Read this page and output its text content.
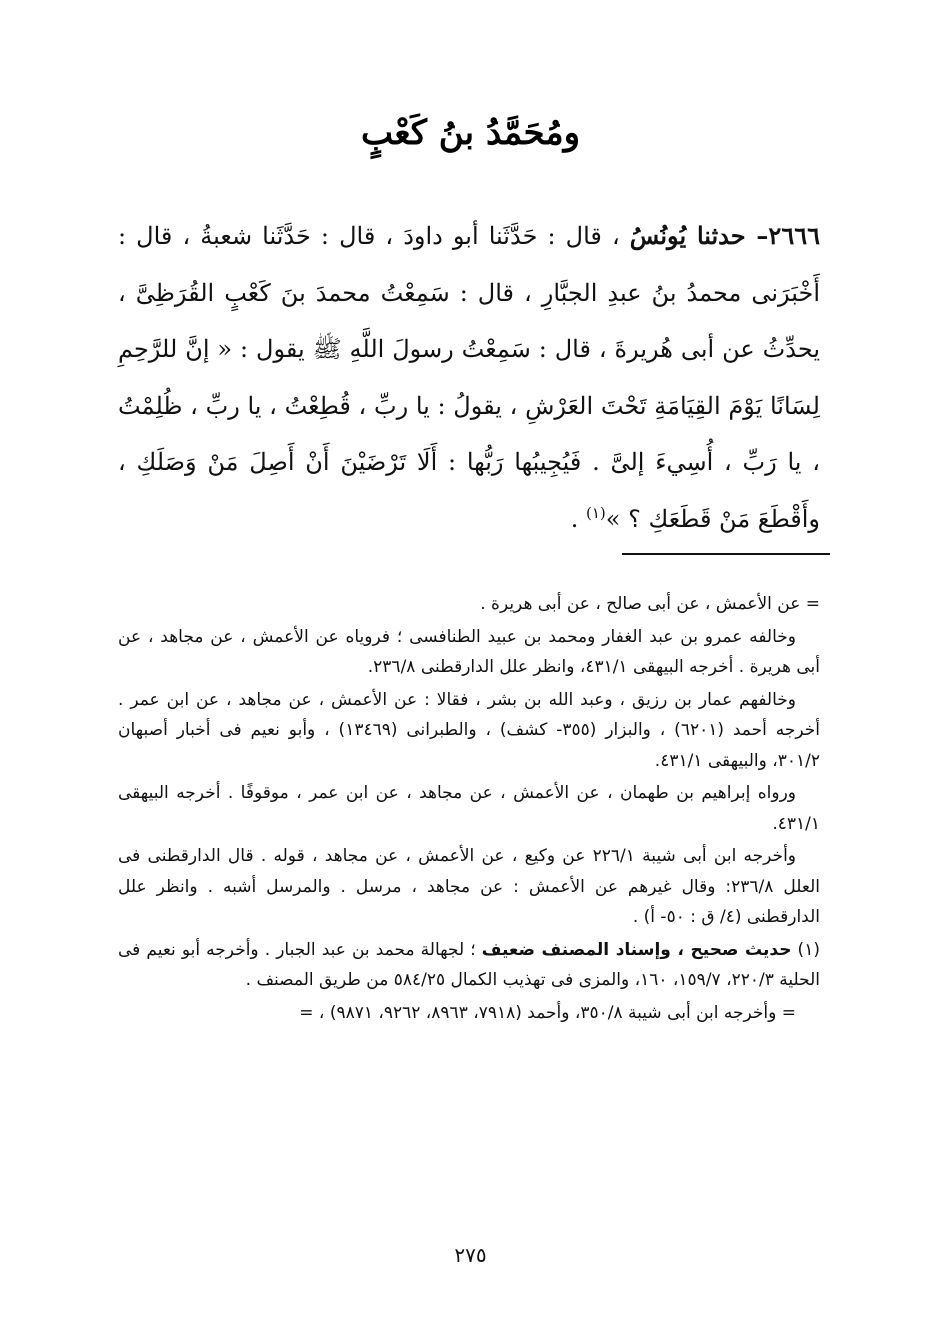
ومُحَمَّدُ بنُ كَعْبٍ
٢٦٦٦– حدثنا يُونُسُ ، قال : حَدَّثَنا أبو داودَ ، قال : حَدَّثَنا شعبةُ ، قال : أَخْبَرَنى محمدُ بنُ عبدِ الجبَّارِ ، قال : سَمِعْتُ محمدَ بنَ كَعْبٍ القُرَظِىَّ ، يحدِّثُ عن أبى هُريرةَ ، قال : سَمِعْتُ رسولَ اللَّهِ ﷺ يقول : « إنَّ للرَّحِمِ لِسَانًا يَوْمَ القِيَامَةِ تَحْتَ العَرْشِ ، يقولُ : يا ربِّ ، قُطِعْتُ ، يا ربِّ ، ظُلِمْتُ ، يا رَبِّ ، أُسِيءَ إلىَّ . فَيُجِيبُها رَبُّها : أَلَا تَرْضَيْنَ أَنْ أَصِلَ مَنْ وَصَلَكِ ، وأَقْطَعَ مَنْ قَطَعَكِ ؟ »$^{(١)}$ .

= عن الأعمش ، عن أبى صالح ، عن أبى هريرة .

وخالفه عمرو بن عبد الغفار ومحمد بن عبيد الطنافسى ؛ فروياه عن الأعمش ، عن مجاهد ، عن أبى هريرة . أخرجه البيهقى ٤٣١/١، وانظر علل الدارقطنى ٢٣٦/٨.

وخالفهم عمار بن رزيق ، وعبد الله بن بشر ، فقالا : عن الأعمش ، عن مجاهد ، عن ابن عمر . أخرجه أحمد (٦٢٠١) ، والبزار (٣٥٥- كشف) ، والطبرانى (١٣٤٦٩) ، وأبو نعيم فى أخبار أصبهان ٣٠١/٢، والبيهقى ٤٣١/١.

ورواه إبراهيم بن طهمان ، عن الأعمش ، عن مجاهد ، عن ابن عمر ، موقوفًا . أخرجه البيهقى ٤٣١/١.

وأخرجه ابن أبى شيبة ٢٢٦/١ عن وكيع ، عن الأعمش ، عن مجاهد ، قوله . قال الدارقطنى فى العلل ٢٣٦/٨: وقال غيرهم عن الأعمش : عن مجاهد ، مرسل . والمرسل أشبه . وانظر علل الدارقطنى (٤/ ق : ٥٠- أ) .

(١) حديث صحيح ، وإسناد المصنف ضعيف ؛ لجهالة محمد بن عبد الجبار . وأخرجه أبو نعيم فى الحلية ٢٢٠/٣، ١٥٩/٧، ١٦٠، والمزى فى تهذيب الكمال ٥٨٤/٢٥ من طريق المصنف .

= وأخرجه ابن أبى شيبة ٣٥٠/٨، وأحمد (٧٩١٨، ٨٩٦٣، ٩٢٦٢، ٩٨٧١) ، =

٢٧٥
